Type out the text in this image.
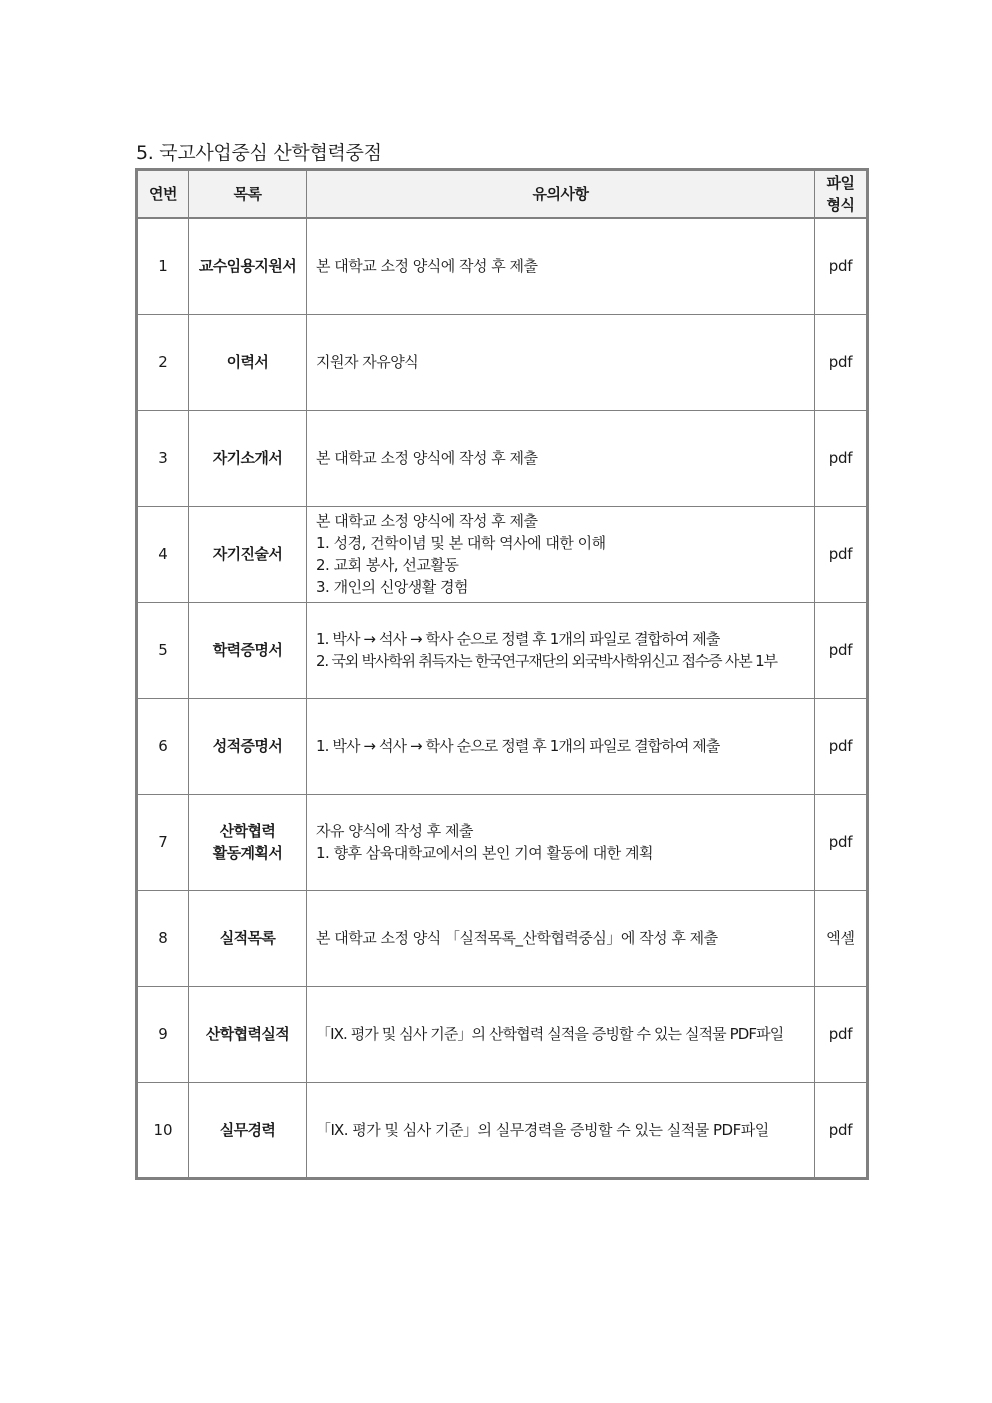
5. 국고사업중심 산학협력중점
연번	목록	유의사항	파일
형식

1	교수임용지원서	본 대학교 소정 양식에 작성 후 제출	pdf
2	이력서	지원자 자유양식	pdf
3	자기소개서	본 대학교 소정 양식에 작성 후 제출	pdf
4	자기진술서	본 대학교 소정 양식에 작성 후 제출
1. 성경, 건학이념 및 본 대학 역사에 대한 이해
2. 교회 봉사, 선교활동
3. 개인의 신앙생활 경험	pdf
5	학력증명서	1. 박사 → 석사 → 학사 순으로 정렬 후 1개의 파일로 결합하여 제출
2. 국외 박사학위 취득자는 한국연구재단의 외국박사학위신고 접수증 사본 1부	pdf
6	성적증명서	1. 박사 → 석사 → 학사 순으로 정렬 후 1개의 파일로 결합하여 제출	pdf
7	산학협력
활동계획서	자유 양식에 작성 후 제출
1. 향후 삼육대학교에서의 본인 기여 활동에 대한 계획	pdf
8	실적목록	본 대학교 소정 양식 「실적목록_산학협력중심」에 작성 후 제출	엑셀
9	산학협력실적	「Ⅸ. 평가 및 심사 기준」의 산학협력 실적을 증빙할 수 있는 실적물 PDF파일	pdf
10	실무경력	「Ⅸ. 평가 및 심사 기준」의 실무경력을 증빙할 수 있는 실적물 PDF파일	pdf
